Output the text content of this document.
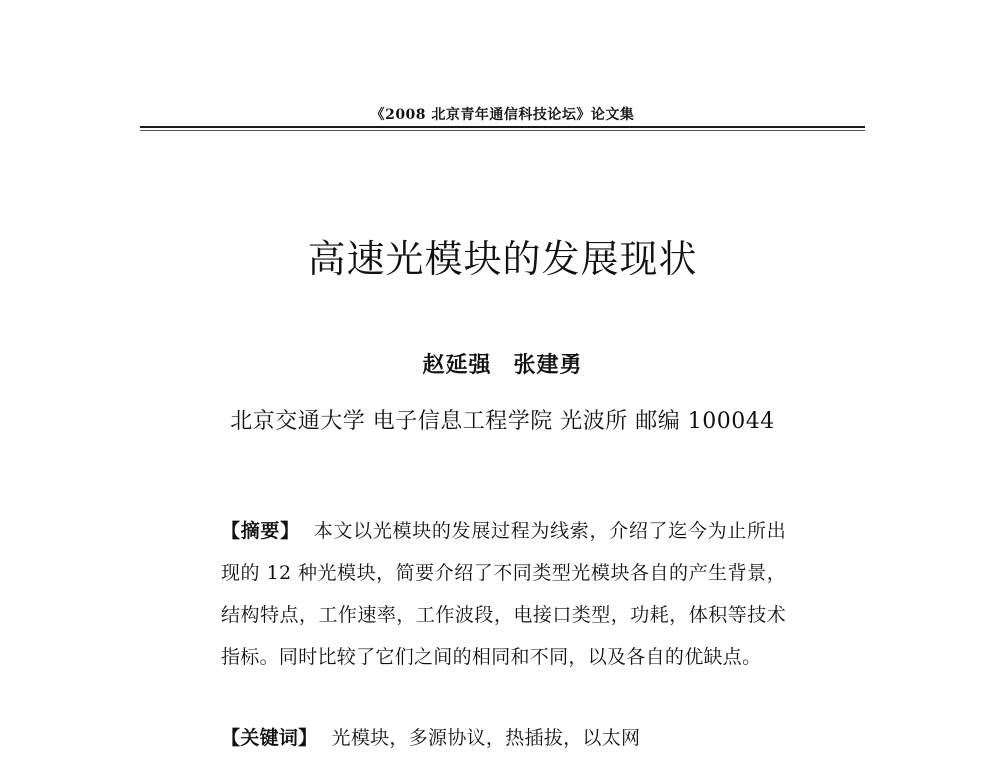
《2008 北京青年通信科技论坛》论文集
高速光模块的发展现状
赵延强 张建勇
北京交通大学 电子信息工程学院 光波所 邮编 100044
【摘要】 本文以光模块的发展过程为线索，介绍了迄今为止所出现的 12 种光模块，简要介绍了不同类型光模块各自的产生背景，结构特点，工作速率，工作波段，电接口类型，功耗，体积等技术指标。同时比较了它们之间的相同和不同，以及各自的优缺点。
【关键词】 光模块，多源协议，热插拔，以太网
